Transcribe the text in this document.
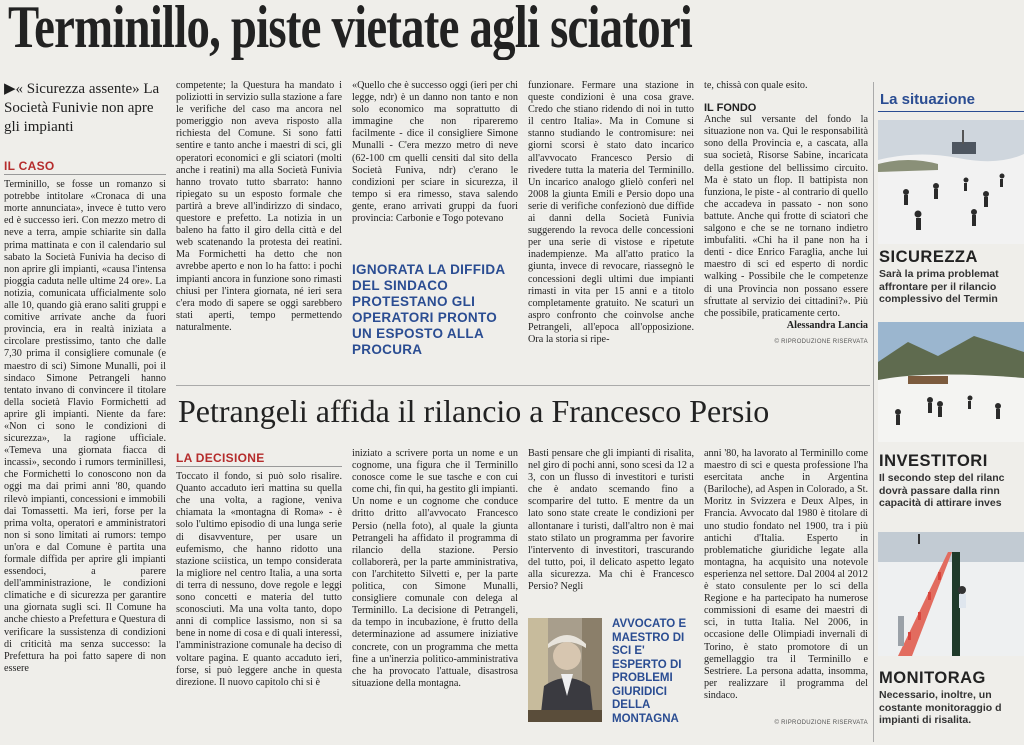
Terminillo, piste vietate agli sciatori
▶« Sicurezza assente» La Società Funivie non apre gli impianti
IL CASO
Terminillo, se fosse un romanzo si potrebbe intitolare «Cronaca di una morte annunciata», invece è tutto vero ed è successo ieri. Con mezzo metro di neve a terra, ampie schiarite sin dalla prima mattinata e con il calendario sul sabato la Società Funivia ha deciso di non aprire gli impianti, «causa l'intensa pioggia caduta nelle ultime 24 ore». La notizia, comunicata ufficialmente solo alle 10, quando già erano saliti gruppi e comitive arrivate anche da fuori provincia, era in realtà iniziata a circolare prestissimo, tanto che dalle 7,30 prima il consigliere comunale (e maestro di sci) Simone Munalli, poi il sindaco Simone Petrangeli hanno tentato invano di convincere il titolare della società Flavio Formichetti ad aprire gli impianti. Niente da fare: «Non ci sono le condizioni di sicurezza», la ragione ufficiale. «Temeva una giornata fiacca di incassi», secondo i rumors terminillesi, che Formichetti lo conoscono non da oggi ma dai primi anni '80, quando rilevò impianti, concessioni e immobili dai Tomassetti. Ma ieri, forse per la prima volta, operatori e amministratori non si sono limitati ai rumors: tempo un'ora e dal Comune è partita una formale diffida per aprire gli impianti essendoci, a parere dell'amministrazione, le condizioni climatiche e di sicurezza per garantire una giornata sugli sci. Il Comune ha anche chiesto a Prefettura e Questura di verificare la sussistenza di condizioni di criticità ma senza successo: la Prefettura ha poi fatto sapere di non essere
competente; la Questura ha mandato i poliziotti in servizio sulla stazione a fare le verifiche del caso ma ancora nel pomeriggio non aveva risposto alla richiesta del Comune. Si sono fatti sentire e tanto anche i maestri di sci, gli operatori economici e gli sciatori (molti anche i reatini) ma alla Società Funivia hanno trovato tutto sbarrato: hanno ripiegato su un esposto formale che partirà a breve all'indirizzo di sindaco, questore e prefetto. La notizia in un baleno ha fatto il giro della città e del web scatenando la protesta dei reatini. Ma Formichetti ha detto che non avrebbe aperto e non lo ha fatto: i pochi impianti ancora in funzione sono rimasti chiusi per l'intera giornata, né ieri sera c'era modo di sapere se oggi sarebbero stati aperti, tempo permettendo naturalmente.
«Quello che è successo oggi (ieri per chi legge, ndr) è un danno non tanto e non solo economico ma soprattutto di immagine che non ripareremo facilmente - dice il consigliere Simone Munalli - C'era mezzo metro di neve (62-100 cm quelli censiti dal sito della Società Funiva, ndr) c'erano le condizioni per sciare in sicurezza, il tempo si era rimesso, stava salendo gente, erano arrivati gruppi da fuori provincia: Carbonie e Togo potevano
IGNORATA LA DIFFIDA DEL SINDACO PROTESTANO GLI OPERATORI PRONTO UN ESPOSTO ALLA PROCURA
funzionare. Fermare una stazione in queste condizioni è una cosa grave. Credo che stiano ridendo di noi in tutto il centro Italia». Ma in Comune si stanno studiando le contromisure: nei giorni scorsi è stato dato incarico all'avvocato Francesco Persio di rivedere tutta la materia del Terminillo. Un incarico analogo glielò conferì nel 2008 la giunta Emili e Persio dopo una serie di verifiche confezionò due diffide ai danni della Società Funivia suggerendo la revoca delle concessioni per una serie di vistose e ripetute inadempienze. Ma all'atto pratico la giunta, invece di revocare, riassegnò le concessioni degli ultimi due impianti rimasti in vita per 15 anni e a titolo completamente gratuito. Ne scaturì un aspro confronto che coinvolse anche Petrangeli, all'epoca all'opposizione. Ora la storia si ripe-
te, chissà con quale esito.
IL FONDO
Anche sul versante del fondo la situazione non va. Qui le responsabilità sono della Provincia e, a cascata, alla sua società, Risorse Sabine, incaricata della gestione del bellissimo circuito. Ma è stato un flop. Il battipista non funziona, le piste - al contrario di quello che accadeva in passato - non sono battute. Anche qui frotte di sciatori che salgono e che se ne tornano indietro imbufaliti. «Chi ha il pane non ha i denti - dice Enrico Faraglia, anche lui maestro di sci ed esperto di nordic walking - Possibile che le competenze di una Provincia non possano essere sfruttate al servizio dei cittadini?». Più che possibile, praticamente certo.
Alessandra Lancia
© RIPRODUZIONE RISERVATA
Petrangeli affida il rilancio a Francesco Persio
LA DECISIONE
Toccato il fondo, si può solo risalire. Quanto accaduto ieri mattina su quella che una volta, a ragione, veniva chiamata la «montagna di Roma» - è solo l'ultimo episodio di una lunga serie di disavventure, per usare un eufemismo, che hanno ridotto una stazione sciistica, un tempo considerata la migliore nel centro Italia, a una sorta di terra di nessuno, dove regole e leggi sono concetti e materia del tutto sconosciuti. Ma una volta tanto, dopo anni di complice lassismo, non si sa bene in nome di cosa e di quali interessi, l'amministrazione comunale ha deciso di voltare pagina. E quanto accaduto ieri, forse, si può leggere anche in questa direzione. Il nuovo capitolo chi si è
iniziato a scrivere porta un nome e un cognome, una figura che il Terminillo conosce come le sue tasche e con cui come chi, fin qui, ha gestito gli impianti. Un nome e un cognome che conduce dritto dritto all'avvocato Francesco Persio (nella foto), al quale la giunta Petrangeli ha affidato il programma di rilancio della stazione. Persio collaborerà, per la parte amministrativa, con l'architetto Silvetti e, per la parte politica, con Simone Munalli, consigliere comunale con delega al Terminillo. La decisione di Petrangeli, da tempo in incubazione, è frutto della determinazione ad assumere iniziative concrete, con un programma che metta fine a un'inerzia politico-amministrativa che ha provocato l'attuale, disastrosa situazione della montagna.
Basti pensare che gli impianti di risalita, nel giro di pochi anni, sono scesi da 12 a 3, con un flusso di investitori e turisti che è andato scemando fino a scomparire del tutto. E mentre da un lato sono state create le condizioni per allontanare i turisti, dall'altro non è mai stato stilato un programma per favorire l'intervento di investitori, trascurando del tutto, poi, il delicato aspetto legato alla sicurezza. Ma chi è Francesco Persio? Negli
AVVOCATO E MAESTRO DI SCI E' ESPERTO DI PROBLEMI GIURIDICI DELLA MONTAGNA
anni '80, ha lavorato al Terminillo come maestro di sci e questa professione l'ha esercitata anche in Argentina (Bariloche), ad Aspen in Colorado, a St. Moritz in Svizzera e Deux Alpes, in Francia. Avvocato dal 1980 è titolare di uno studio fondato nel 1900, tra i più antichi d'Italia. Esperto in problematiche giuridiche legate alla montagna, ha acquisito una notevole esperienza nel settore. Dal 2004 al 2012 è stato consulente per lo sci della Regione e ha partecipato ha numerose commissioni di esame dei maestri di sci, in tutta Italia. Nel 2006, in occasione delle Olimpiadi invernali di Torino, è stato promotore di un gemellaggio tra il Terminillo e Sestriere. La persona adatta, insomma, per realizzare il programma del sindaco.
© RIPRODUZIONE RISERVATA
La situazione
SICUREZZA
Sarà la prima problemat
affrontare per il rilancio
complessivo del Termin
INVESTITORI
Il secondo step del rilanc
dovrà passare dalla rinn
capacità di attirare inves
MONITORAG
Necessario, inoltre, un
costante monitoraggio d
impianti di risalita.
